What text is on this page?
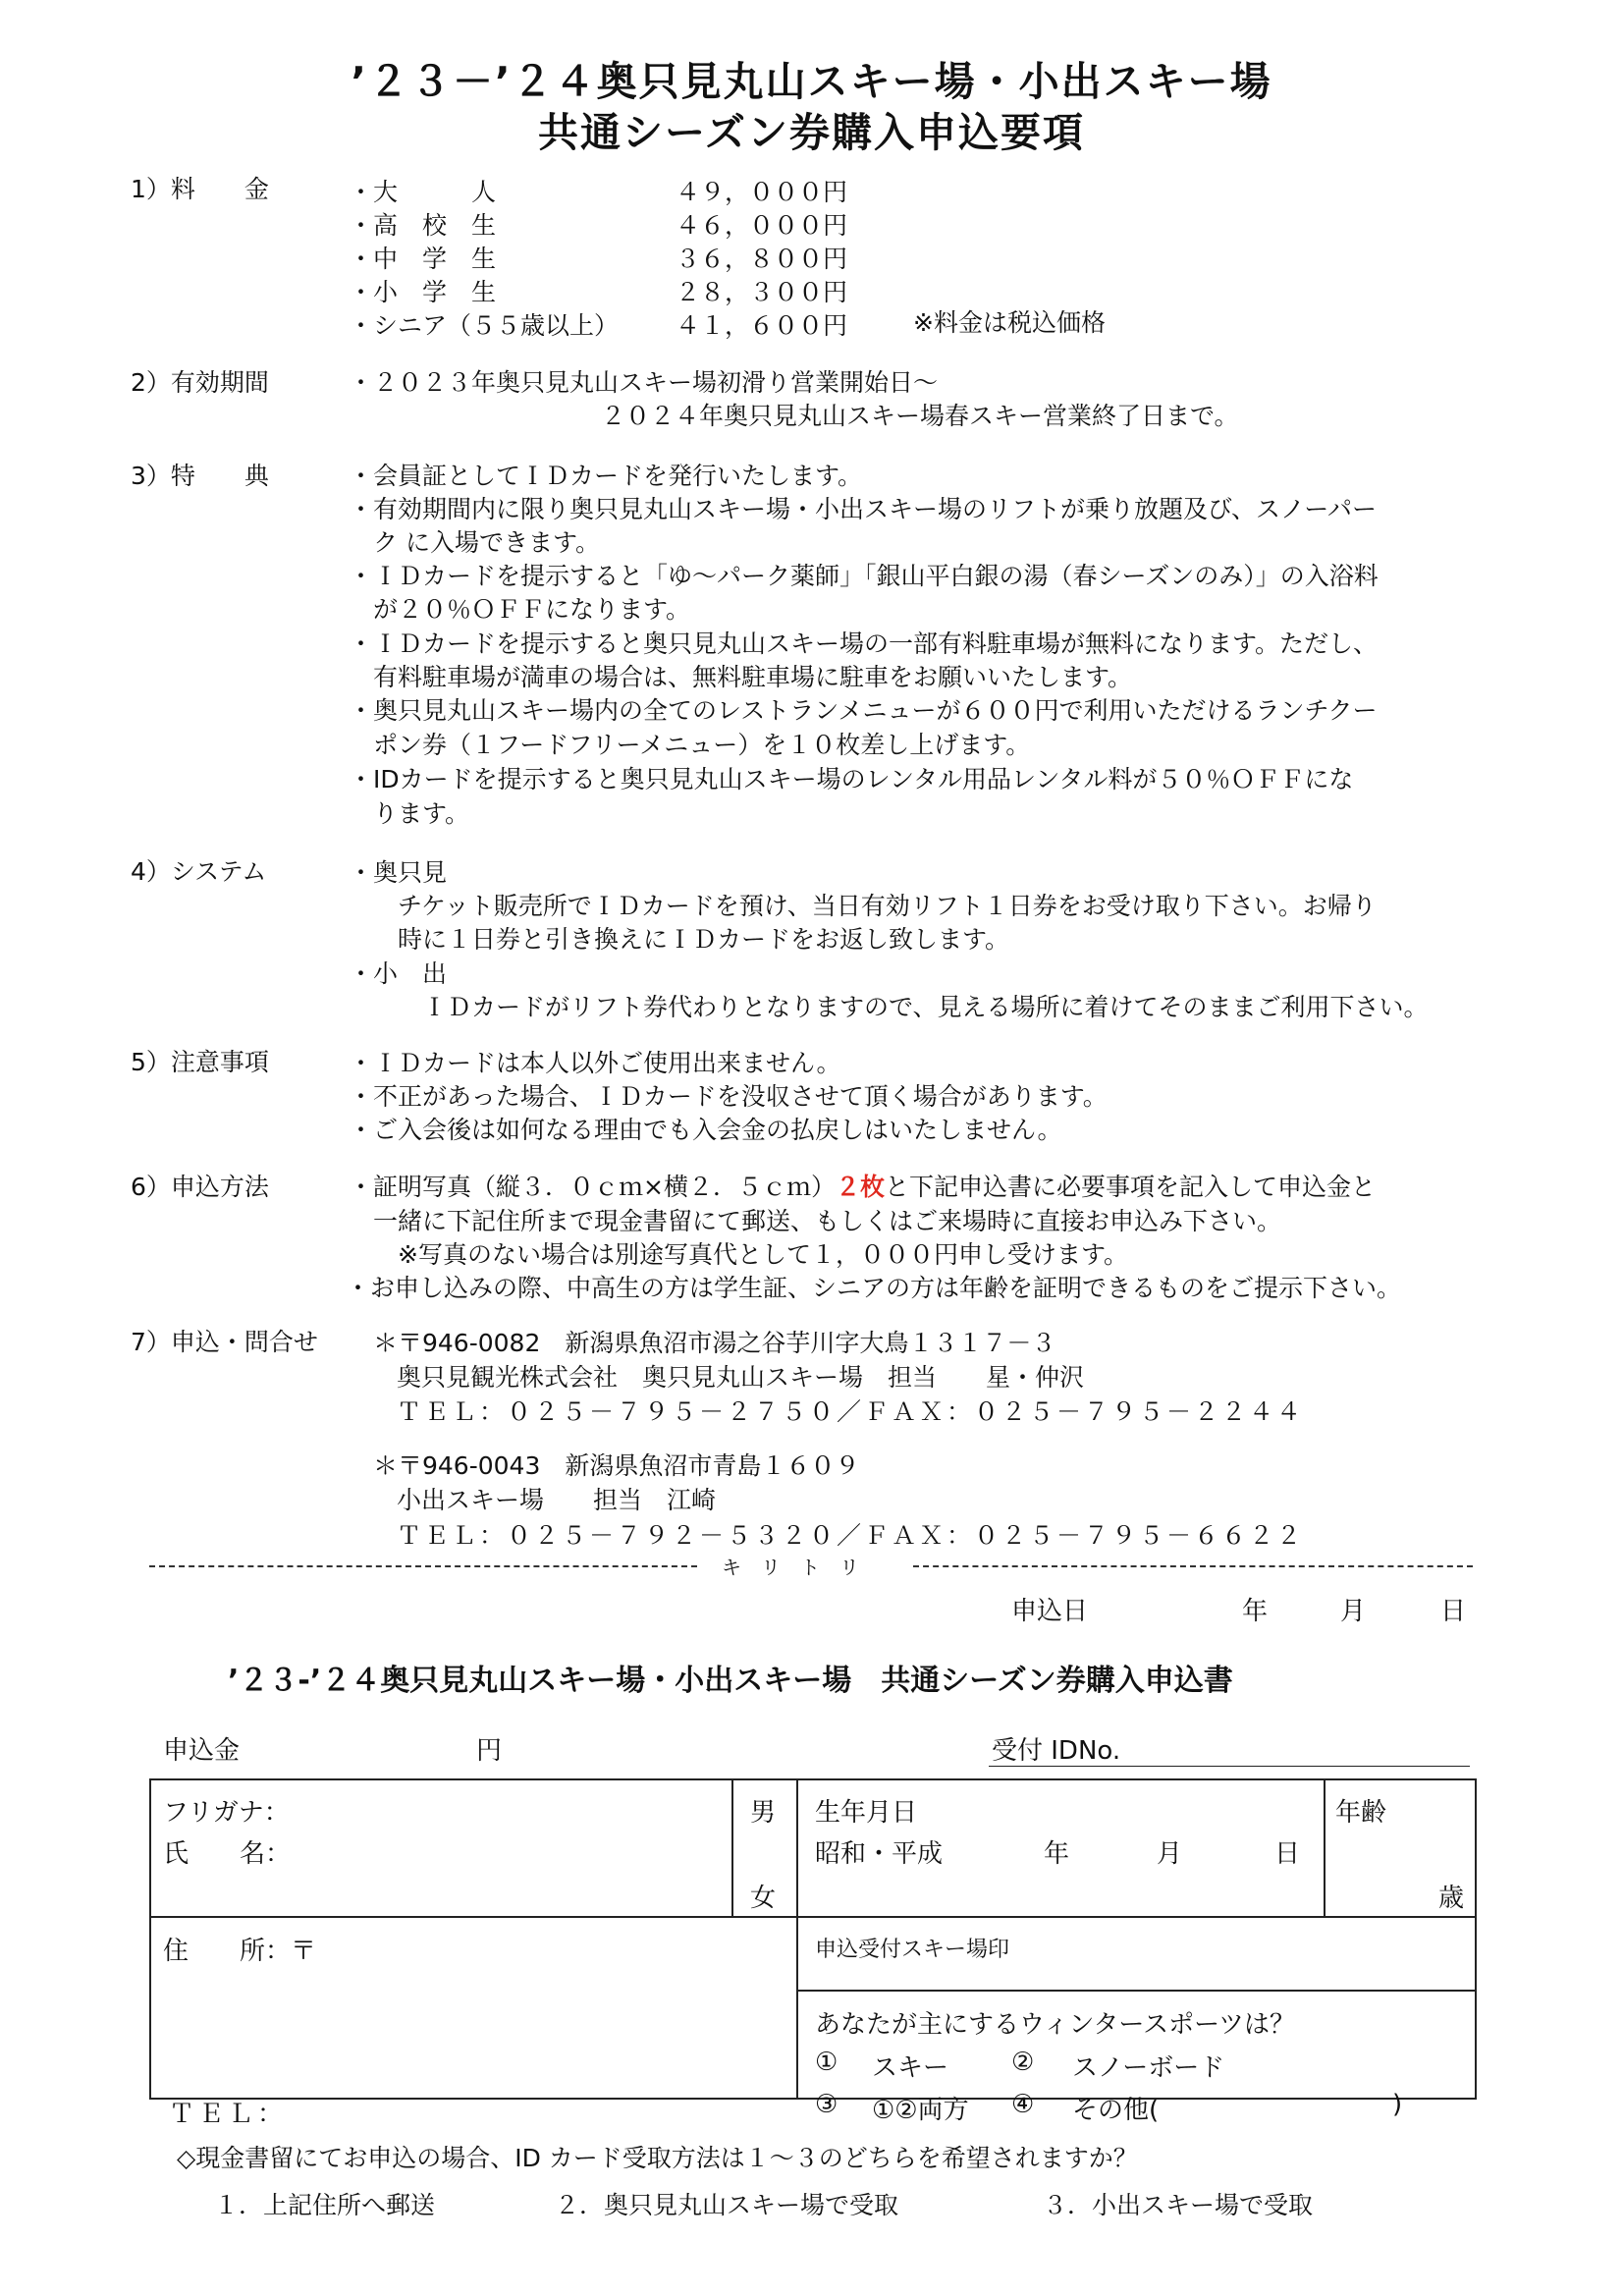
’２３－’２４奥只見丸山スキー場・小出スキー場
共通シーズン券購入申込要項
1）料　　金	・大　　　人	４９，０００円
・高　校　生	４６，０００円
・中　学　生	３６，８００円
・小　学　生	２８，３００円
・シニア（５５歳以上） ４１，６００円	※料金は税込価格
2）有効期間	・２０２３年奥只見丸山スキー場初滑り営業開始日～
２０２４年奥只見丸山スキー場春スキー営業終了日まで。
3）特　　典	・会員証としてＩＤカードを発行いたします。
・有効期間内に限り奥只見丸山スキー場・小出スキー場のリフトが乗り放題及び、スノーパー
　ク に入場できます。
・ＩＤカードを提示すると「ゆ～パーク薬師」「銀山平白銀の湯（春シーズンのみ）」の入浴料
　が２０％ＯＦＦになります。
・ＩＤカードを提示すると奥只見丸山スキー場の一部有料駐車場が無料になります。ただし、
　有料駐車場が満車の場合は、無料駐車場に駐車をお願いいたします。
・奥只見丸山スキー場内の全てのレストランメニューが６００円で利用いただけるランチクー
　ポン券（１フードフリーメニュー）を１０枚差し上げます。
・IDカードを提示すると奥只見丸山スキー場のレンタル用品レンタル料が５０％ＯＦＦにな
　ります。
4）システム	・奥只見
　　チケット販売所でＩＤカードを預け、当日有効リフト１日券をお受け取り下さい。お帰り
　　時に１日券と引き換えにＩＤカードをお返し致します。
・小　出
　　　ＩＤカードがリフト券代わりとなりますので、見える場所に着けてそのままご利用下さい。
5）注意事項	・ＩＤカードは本人以外ご使用出来ません。
・不正があった場合、ＩＤカードを没収させて頂く場合があります。
・ご入会後は如何なる理由でも入会金の払戻しはいたしません。
6）申込方法	・証明写真（縦３．０ｃｍ×横２．５ｃｍ）２枚と下記申込書に必要事項を記入して申込金と
　一緒に下記住所まで現金書留にて郵送、もしくはご来場時に直接お申込み下さい。
　　※写真のない場合は別途写真代として１，０００円申し受けます。
・お申し込みの際、中高生の方は学生証、シニアの方は年齢を証明できるものをご提示下さい。
7）申込・問合せ ＊〒946-0082　新潟県魚沼市湯之谷芋川字大鳥１３１７－３
奥只見観光株式会社　奥只見丸山スキー場　担当　　星・仲沢
ＴＥＬ：０２５－７９５－２７５０／ＦＡＸ：０２５－７９５－２２４４
＊〒946-0043　新潟県魚沼市青島１６０９
小出スキー場　　担当　江崎
ＴＥＬ：０２５－７９２－５３２０／ＦＡＸ：０２５－７９５－６６２２
キ　リ　ト　リ
申込日	年	月	日
’２３-’２４奥只見丸山スキー場・小出スキー場　共通シーズン券購入申込書
申込金	円	受付 IDNo.
フリガナ：
氏　　名：
男
女
生年月日
昭和・平成	年	月	日
年齢
歳
住　　所：〒
ＴＥＬ：
申込受付スキー場印
あなたが主にするウィンタースポーツは？
① スキー ② スノーボード
③ ①②両方 ④ その他(	)
◇現金書留にてお申込の場合、ID カード受取方法は１～３のどちらを希望されますか？
１．上記住所へ郵送	２．奥只見丸山スキー場で受取	３．小出スキー場で受取
